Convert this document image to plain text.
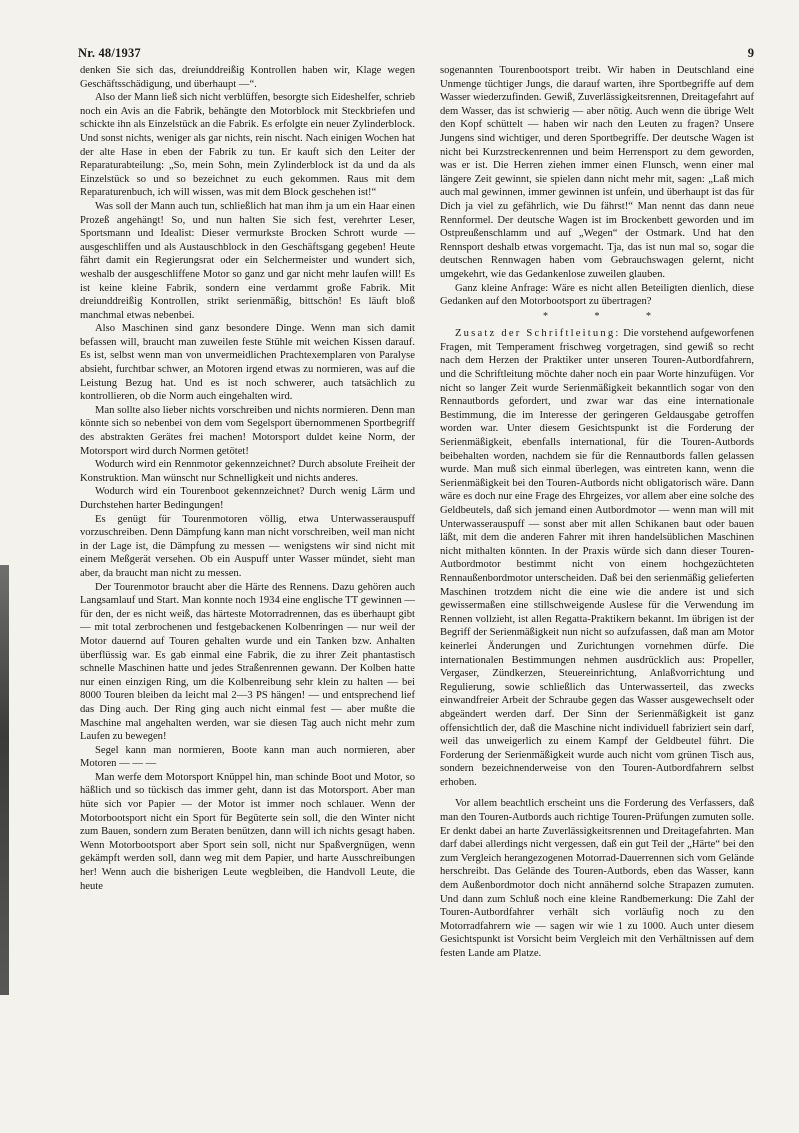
Nr. 48/1937	9

denken Sie sich das, dreiunddreißig Kontrollen haben wir, Klage wegen Geschäftsschädigung, und überhaupt —“.

Also der Mann ließ sich nicht verblüffen, besorgte sich Eideshelfer, schrieb noch ein Avis an die Fabrik, behängte den Motorblock mit Steckbriefen und schickte ihn als Einzelstück an die Fabrik. Es erfolgte ein neuer Zylinderblock. Und sonst nichts, weniger als gar nichts, rein nischt. Nach einigen Wochen hat der alte Hase in eben der Fabrik zu tun. Er kauft sich den Leiter der Reparaturabteilung: „So, mein Sohn, mein Zylinderblock ist da und da als Einzelstück so und so bezeichnet zu euch gekommen. Raus mit dem Reparaturenbuch, ich will wissen, was mit dem Block geschehen ist!“

Was soll der Mann auch tun, schließlich hat man ihm ja um ein Haar einen Prozeß angehängt! So, und nun halten Sie sich fest, verehrter Leser, Sportsmann und Idealist: Dieser vermurkste Brocken Schrott wurde — ausgeschliffen und als Austauschblock in den Geschäftsgang gegeben! Heute fährt damit ein Regierungsrat oder ein Selchermeister und wundert sich, weshalb der ausgeschliffene Motor so ganz und gar nicht mehr laufen will! Es ist keine kleine Fabrik, sondern eine verdammt große Fabrik. Mit dreiunddreißig Kontrollen, strikt serienmäßig, bittschön! Es läuft bloß manchmal etwas nebenbei.

Also Maschinen sind ganz besondere Dinge. Wenn man sich damit befassen will, braucht man zuweilen feste Stühle mit weichen Kissen darauf. Es ist, selbst wenn man von unvermeidlichen Prachtexemplaren von Paralyse absieht, furchtbar schwer, an Motoren irgend etwas zu normieren, was auf die Leistung Bezug hat. Und es ist noch schwerer, auch tatsächlich zu kontrollieren, ob die Norm auch eingehalten wird.

Man sollte also lieber nichts vorschreiben und nichts normieren. Denn man könnte sich so nebenbei von dem vom Segelsport übernommenen Sportbegriff des abstrakten Gerätes frei machen! Motorsport duldet keine Norm, der Motorsport wird durch Normen getötet!

Wodurch wird ein Rennmotor gekennzeichnet? Durch absolute Freiheit der Konstruktion. Man wünscht nur Schnelligkeit und nichts anderes.

Wodurch wird ein Tourenboot gekennzeichnet? Durch wenig Lärm und Durchstehen harter Bedingungen!

Es genügt für Tourenmotoren völlig, etwa Unterwasserauspuff vorzuschreiben. Denn Dämpfung kann man nicht vorschreiben, weil man nicht in der Lage ist, die Dämpfung zu messen — wenigstens wir sind nicht mit einem Meßgerät versehen. Ob ein Auspuff unter Wasser mündet, sieht man aber, da braucht man nicht zu messen.

Der Tourenmotor braucht aber die Härte des Rennens. Dazu gehören auch Langsamlauf und Start. Man konnte noch 1934 eine englische TT gewinnen — für den, der es nicht weiß, das härteste Motorradrennen, das es überhaupt gibt — mit total zerbrochenen und festgebackenen Kolbenringen — nur weil der Motor dauernd auf Touren gehalten wurde und ein Tanken bzw. Anhalten überflüssig war. Es gab einmal eine Fabrik, die zu ihrer Zeit phantastisch schnelle Maschinen hatte und jedes Straßenrennen gewann. Der Kolben hatte nur einen einzigen Ring, um die Kolbenreibung sehr klein zu halten — bei 8000 Touren bleiben da leicht mal 2—3 PS hängen! — und entsprechend lief das Ding auch. Der Ring ging auch nicht einmal fest — aber mußte die Maschine mal angehalten werden, war sie diesen Tag auch nicht mehr zum Laufen zu bewegen!

Segel kann man normieren, Boote kann man auch normieren, aber Motoren — — —

Man werfe dem Motorsport Knüppel hin, man schinde Boot und Motor, so häßlich und so tückisch das immer geht, dann ist das Motorsport. Aber man hüte sich vor Papier — der Motor ist immer noch schlauer. Wenn der Motorbootsport nicht ein Sport für Begüterte sein soll, die den Winter nicht zum Bauen, sondern zum Beraten benützen, dann will ich nichts gesagt haben. Wenn Motorbootsport aber Sport sein soll, nicht nur Spaßvergnügen, wenn gekämpft werden soll, dann weg mit dem Papier, und harte Ausschreibungen her! Wenn auch die bisherigen Leute wegbleiben, die Handvoll Leute, die heute

sogenannten Tourenbootsport treibt. Wir haben in Deutschland eine Unmenge tüchtiger Jungs, die darauf warten, ihre Sportbegriffe auf dem Wasser wiederzufinden. Gewiß, Zuverlässigkeitsrennen, Dreitagefahrt auf dem Wasser, das ist schwierig — aber nötig. Auch wenn die übrige Welt den Kopf schüttelt — haben wir nach den Leuten zu fragen? Unsere Jungens sind wichtiger, und deren Sportbegriffe. Der deutsche Wagen ist nicht bei Kurzstreckenrennen und beim Herrensport zu dem geworden, was er ist. Die Herren ziehen immer einen Flunsch, wenn einer mal längere Zeit gewinnt, sie spielen dann nicht mehr mit, sagen: „Laß mich auch mal gewinnen, immer gewinnen ist unfein, und überhaupt ist das für Dich ja viel zu gefährlich, wie Du fährst!“ Man nennt das dann neue Rennformel. Der deutsche Wagen ist im Brockenbett geworden und im Ostpreußenschlamm und auf „Wegen“ der Ostmark. Und hat den Rennsport deshalb etwas vorgemacht. Tja, das ist nun mal so, sogar die deutschen Rennwagen haben vom Gebrauchswagen gelernt, nicht umgekehrt, wie das Gedankenlose zuweilen glauben.

Ganz kleine Anfrage: Wäre es nicht allen Beteiligten dienlich, diese Gedanken auf den Motorbootsport zu übertragen?

* * *

Zusatz der Schriftleitung: Die vorstehend aufgeworfenen Fragen, mit Temperament frischweg vorgetragen, sind gewiß so recht nach dem Herzen der Praktiker unter unseren Touren-Autbordfahrern, und die Schriftleitung möchte daher noch ein paar Worte hinzufügen. Vor nicht so langer Zeit wurde Serienmäßigkeit bekanntlich sogar von den Rennautbords gefordert, und zwar war das eine internationale Bestimmung, die im Interesse der geringeren Geldausgabe getroffen worden war. Unter diesem Gesichtspunkt ist die Forderung der Serienmäßigkeit, ebenfalls international, für die Touren-Autbords beibehalten worden, nachdem sie für die Rennautbords fallen gelassen wurde. Man muß sich einmal überlegen, was eintreten kann, wenn die Serienmäßigkeit bei den Touren-Autbords nicht obligatorisch wäre. Dann wäre es doch nur eine Frage des Ehrgeizes, vor allem aber eine solche des Geldbeutels, daß sich jemand einen Autbordmotor — wenn man will mit Unterwasserauspuff — sonst aber mit allen Schikanen baut oder bauen läßt, mit dem die anderen Fahrer mit ihren handelsüblichen Maschinen nicht mithalten könnten. In der Praxis würde sich dann dieser Touren-Autbordmotor bestimmt nicht von einem hochgezüchteten Rennaußenbordmotor unterscheiden. Daß bei den serienmäßig gelieferten Maschinen trotzdem nicht die eine wie die andere ist und sich gewissermaßen eine stillschweigende Auslese für die Verwendung im Rennen vollzieht, ist allen Regatta-Praktikern bekannt. Im übrigen ist der Begriff der Serienmäßigkeit nun nicht so aufzufassen, daß man am Motor keinerlei Änderungen und Zurichtungen vornehmen dürfe. Die internationalen Bestimmungen nehmen ausdrücklich aus: Propeller, Vergaser, Zündkerzen, Steuereinrichtung, Anlaßvorrichtung und Regulierung, sowie schließlich das Unterwasserteil, das zwecks einwandfreier Arbeit der Schraube gegen das Wasser ausgewechselt oder abgeändert werden darf. Der Sinn der Serienmäßigkeit ist ganz offensichtlich der, daß die Maschine nicht individuell fabriziert sein darf, weil das unweigerlich zu einem Kampf der Geldbeutel führt. Die Forderung der Serienmäßigkeit wurde auch nicht vom grünen Tisch aus, sondern bezeichnenderweise von den Touren-Autbordfahrern selbst erhoben.

Vor allem beachtlich erscheint uns die Forderung des Verfassers, daß man den Touren-Autbords auch richtige Touren-Prüfungen zumuten solle. Er denkt dabei an harte Zuverlässigkeitsrennen und Dreitagefahrten. Man darf dabei allerdings nicht vergessen, daß ein gut Teil der „Härte“ bei den zum Vergleich herangezogenen Motorrad-Dauerrennen sich vom Gelände herschreibt. Das Gelände des Touren-Autbords, eben das Wasser, kann dem Außenbordmotor doch nicht annähernd solche Strapazen zumuten. Und dann zum Schluß noch eine kleine Randbemerkung: Die Zahl der Touren-Autbordfahrer verhält sich vorläufig noch zu den Motorradfahrern wie — sagen wir wie 1 zu 1000. Auch unter diesem Gesichtspunkt ist Vorsicht beim Vergleich mit den Verhältnissen auf dem festen Lande am Platze.
